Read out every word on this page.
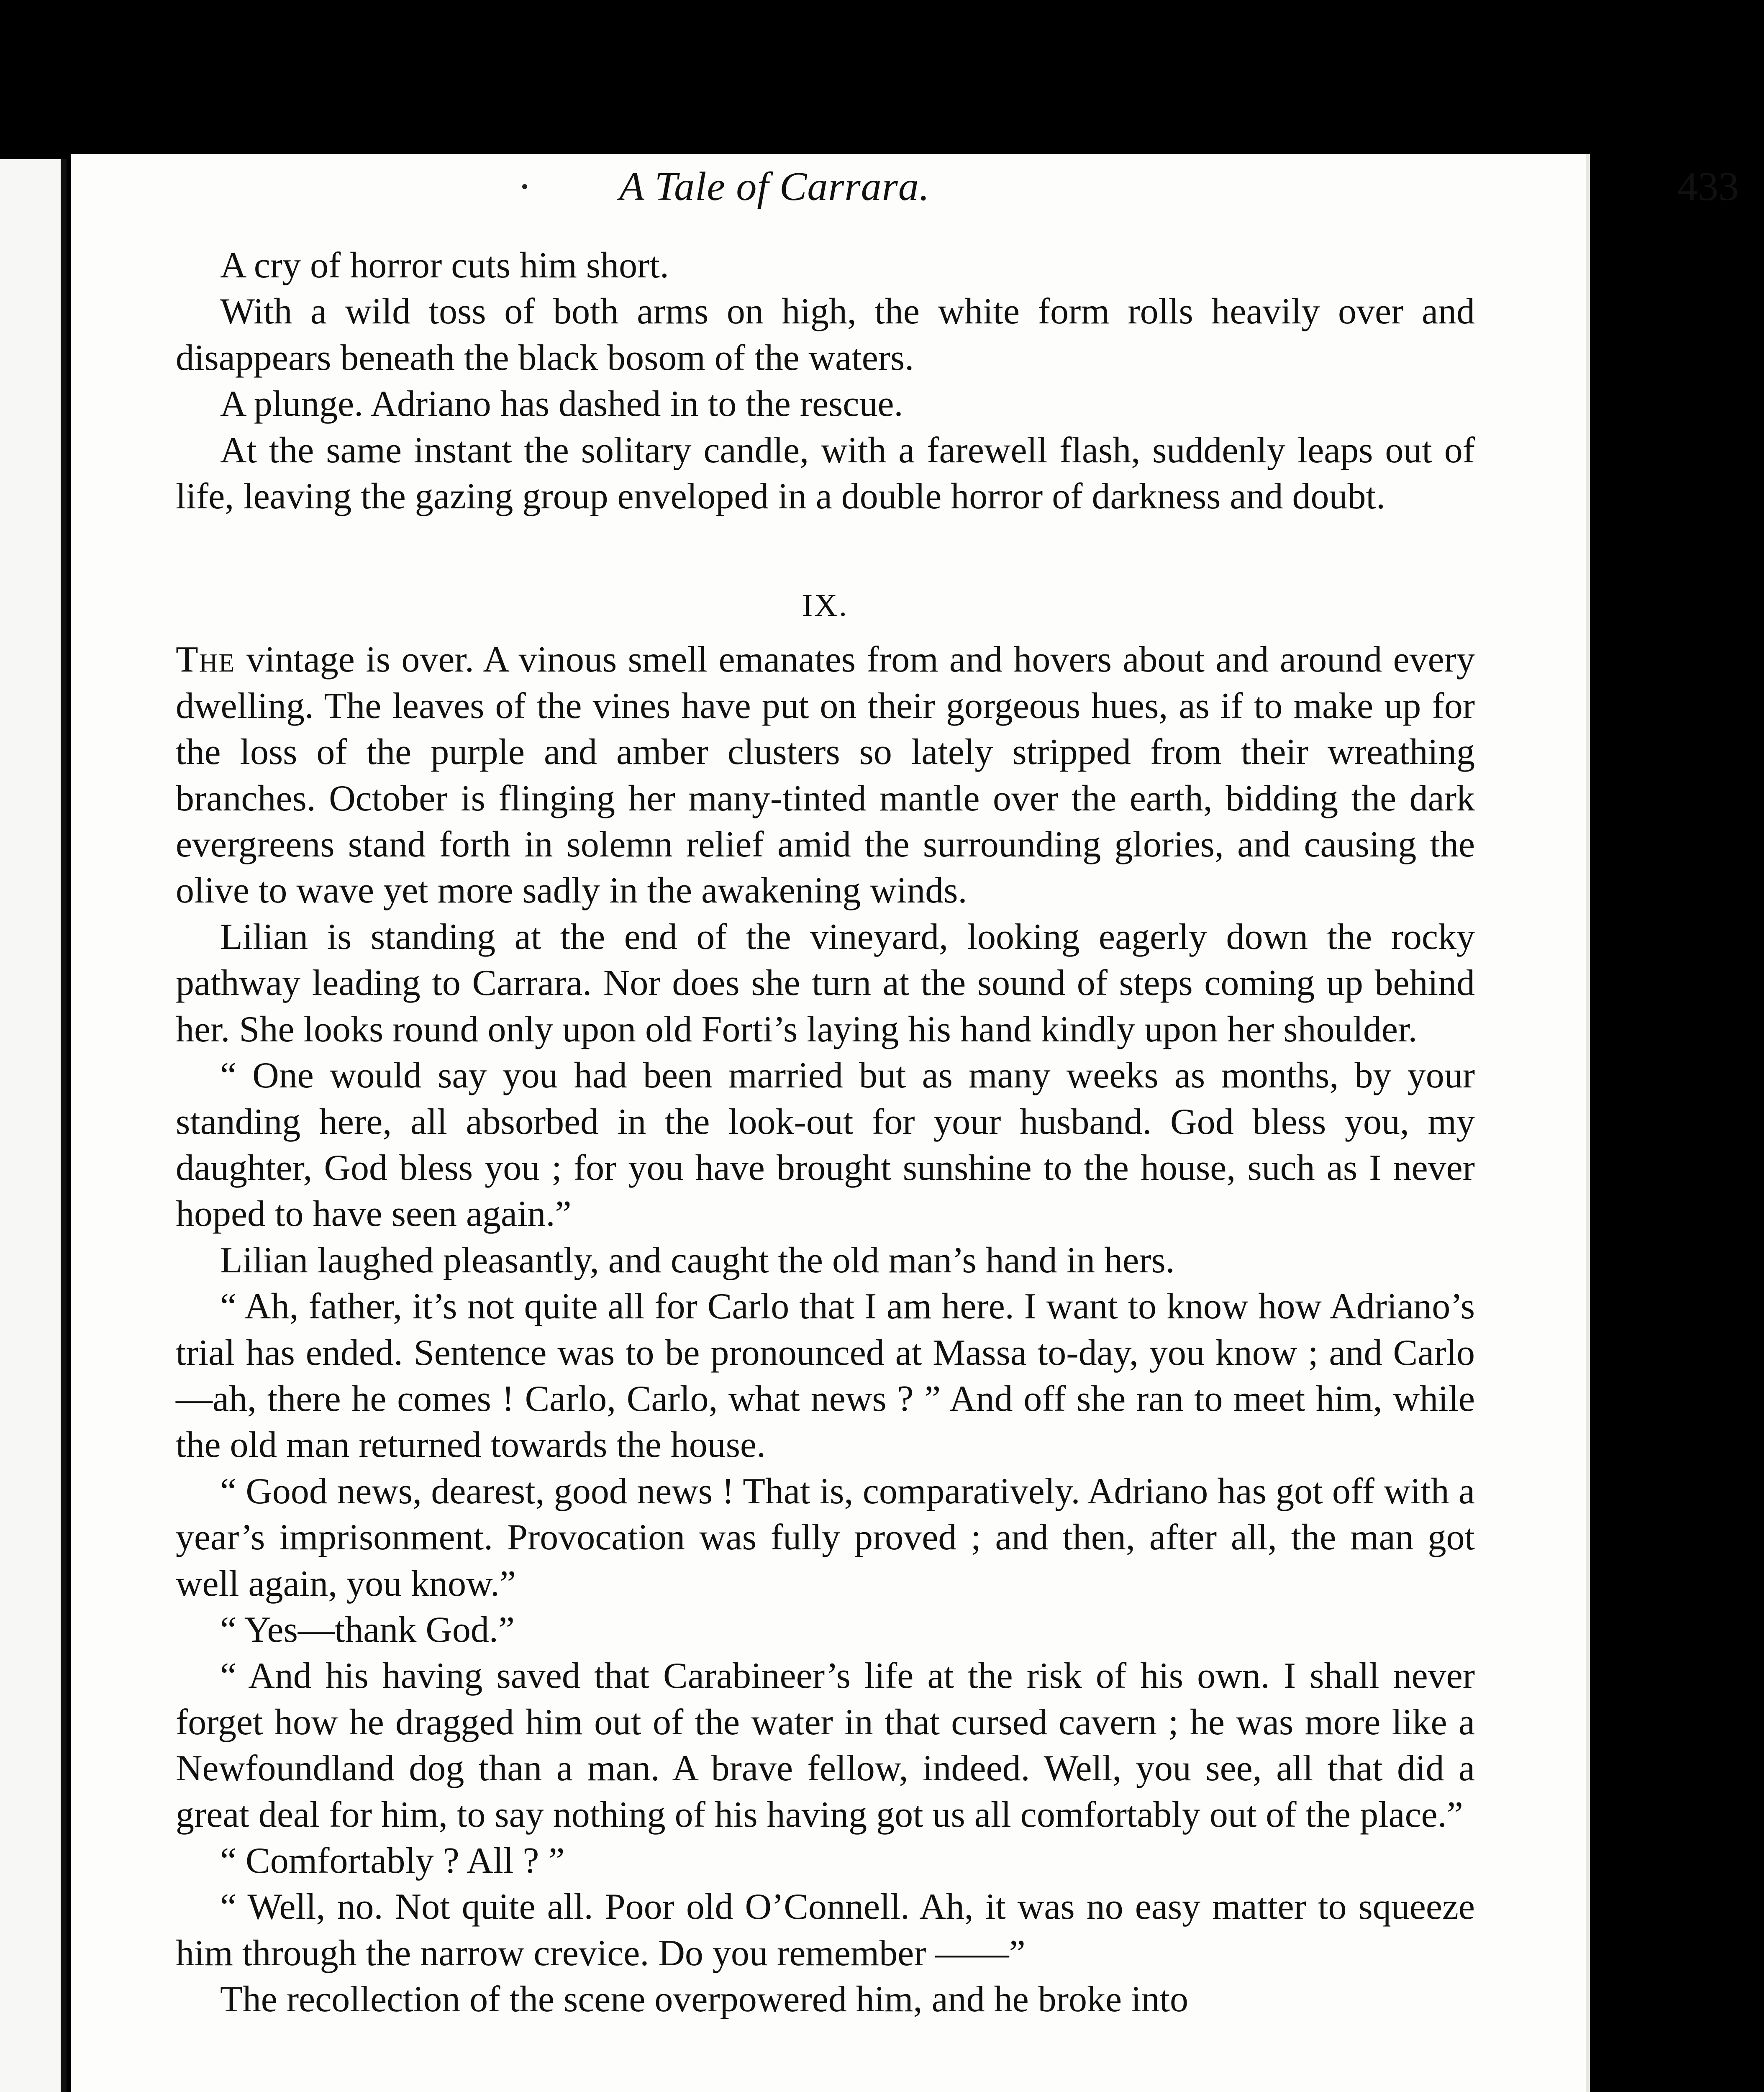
A Tale of Carrara.	433

A cry of horror cuts him short.

With a wild toss of both arms on high, the white form rolls heavily over and disappears beneath the black bosom of the waters.

A plunge. Adriano has dashed in to the rescue.

At the same instant the solitary candle, with a farewell flash, suddenly leaps out of life, leaving the gazing group enveloped in a double horror of darkness and doubt.

IX.

The vintage is over. A vinous smell emanates from and hovers about and around every dwelling. The leaves of the vines have put on their gorgeous hues, as if to make up for the loss of the purple and amber clusters so lately stripped from their wreathing branches. October is flinging her many-tinted mantle over the earth, bidding the dark evergreens stand forth in solemn relief amid the surrounding glories, and causing the olive to wave yet more sadly in the awakening winds.

Lilian is standing at the end of the vineyard, looking eagerly down the rocky pathway leading to Carrara. Nor does she turn at the sound of steps coming up behind her. She looks round only upon old Forti’s laying his hand kindly upon her shoulder.

“ One would say you had been married but as many weeks as months, by your standing here, all absorbed in the look-out for your husband. God bless you, my daughter, God bless you ; for you have brought sunshine to the house, such as I never hoped to have seen again.”

Lilian laughed pleasantly, and caught the old man’s hand in hers.

“ Ah, father, it’s not quite all for Carlo that I am here. I want to know how Adriano’s trial has ended. Sentence was to be pronounced at Massa to-day, you know ; and Carlo—ah, there he comes ! Carlo, Carlo, what news ? ” And off she ran to meet him, while the old man returned towards the house.

“ Good news, dearest, good news ! That is, comparatively. Adriano has got off with a year’s imprisonment. Provocation was fully proved ; and then, after all, the man got well again, you know.”

“ Yes—thank God.”

“ And his having saved that Carabineer’s life at the risk of his own. I shall never forget how he dragged him out of the water in that cursed cavern ; he was more like a Newfoundland dog than a man. A brave fellow, indeed. Well, you see, all that did a great deal for him, to say nothing of his having got us all comfortably out of the place.”

“ Comfortably ? All ? ”

“ Well, no. Not quite all. Poor old O’Connell. Ah, it was no easy matter to squeeze him through the narrow crevice. Do you remember ——”

The recollection of the scene overpowered him, and he broke into
